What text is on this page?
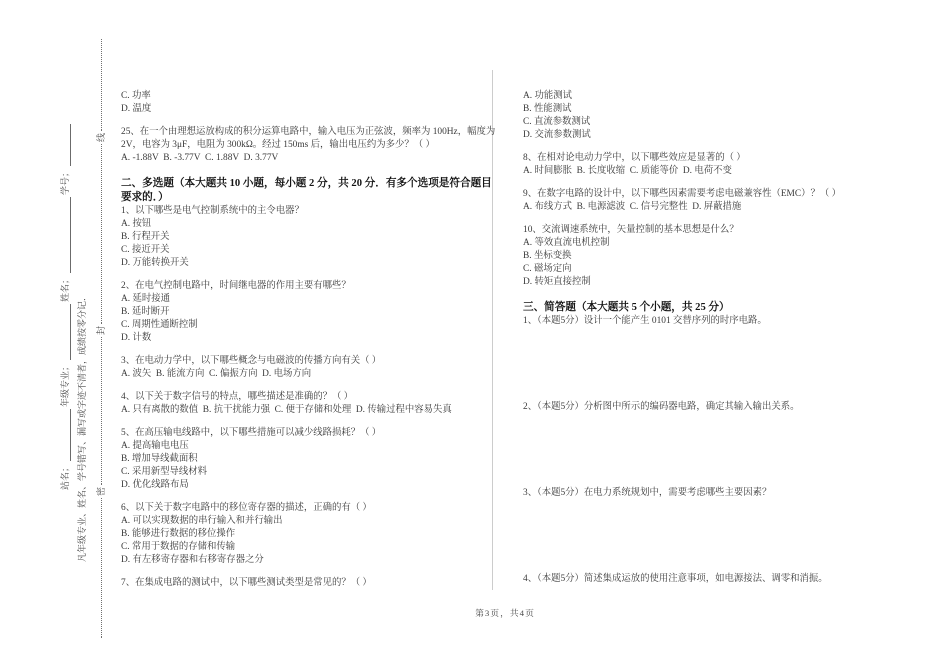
站名；
年级专业；
姓名；
学号；
凡年级专业、姓名、学号错写、漏写或字迹不清者，成绩按零分记． 密
封
线
C. 功率
D. 温度
25、在一个由理想运放构成的积分运算电路中，输入电压为正弦波，频率为 100Hz，幅度为
2V，电容为 3μF，电阻为 300kΩ。经过 150ms 后，输出电压约为多少？（ ）
A. -1.88V  B. -3.77V  C. 1.88V  D. 3.77V
二、多选题（本大题共 10 小题，每小题 2 分，共 20 分．有多个选项是符合题目
要求的．）
1、以下哪些是电气控制系统中的主令电器？
A. 按钮
B. 行程开关
C. 接近开关
D. 万能转换开关
2、在电气控制电路中，时间继电器的作用主要有哪些？
A. 延时接通
B. 延时断开
C. 周期性通断控制
D. 计数
3、在电动力学中，以下哪些概念与电磁波的传播方向有关（ ）
A. 波矢  B. 能流方向  C. 偏振方向  D. 电场方向
4、以下关于数字信号的特点，哪些描述是准确的？（ ）
A. 只有离散的数值  B. 抗干扰能力强  C. 便于存储和处理  D. 传输过程中容易失真
5、在高压输电线路中，以下哪些措施可以减少线路损耗？（ ）
A. 提高输电电压
B. 增加导线截面积
C. 采用新型导线材料
D. 优化线路布局
6、以下关于数字电路中的移位寄存器的描述，正确的有（ ）
A. 可以实现数据的串行输入和并行输出
B. 能够进行数据的移位操作
C. 常用于数据的存储和传输
D. 有左移寄存器和右移寄存器之分
7、在集成电路的测试中，以下哪些测试类型是常见的？（ ）
A. 功能测试
B. 性能测试
C. 直流参数测试
D. 交流参数测试
8、在相对论电动力学中，以下哪些效应是显著的（ ）
A. 时间膨胀  B. 长度收缩  C. 质能等价  D. 电荷不变
9、在数字电路的设计中，以下哪些因素需要考虑电磁兼容性（EMC）？（ ）
A. 布线方式  B. 电源滤波  C. 信号完整性  D. 屏蔽措施
10、交流调速系统中，矢量控制的基本思想是什么？
A. 等效直流电机控制
B. 坐标变换
C. 磁场定向
D. 转矩直接控制
三、简答题（本大题共 5 个小题，共 25 分）
1、（本题5分）设计一个能产生 0101 交替序列的时序电路。
2、（本题5分）分析图中所示的编码器电路，确定其输入输出关系。
3、（本题5分）在电力系统规划中，需要考虑哪些主要因素？
4、（本题5分）简述集成运放的使用注意事项，如电源接法、调零和消振。
第3页，共4页
